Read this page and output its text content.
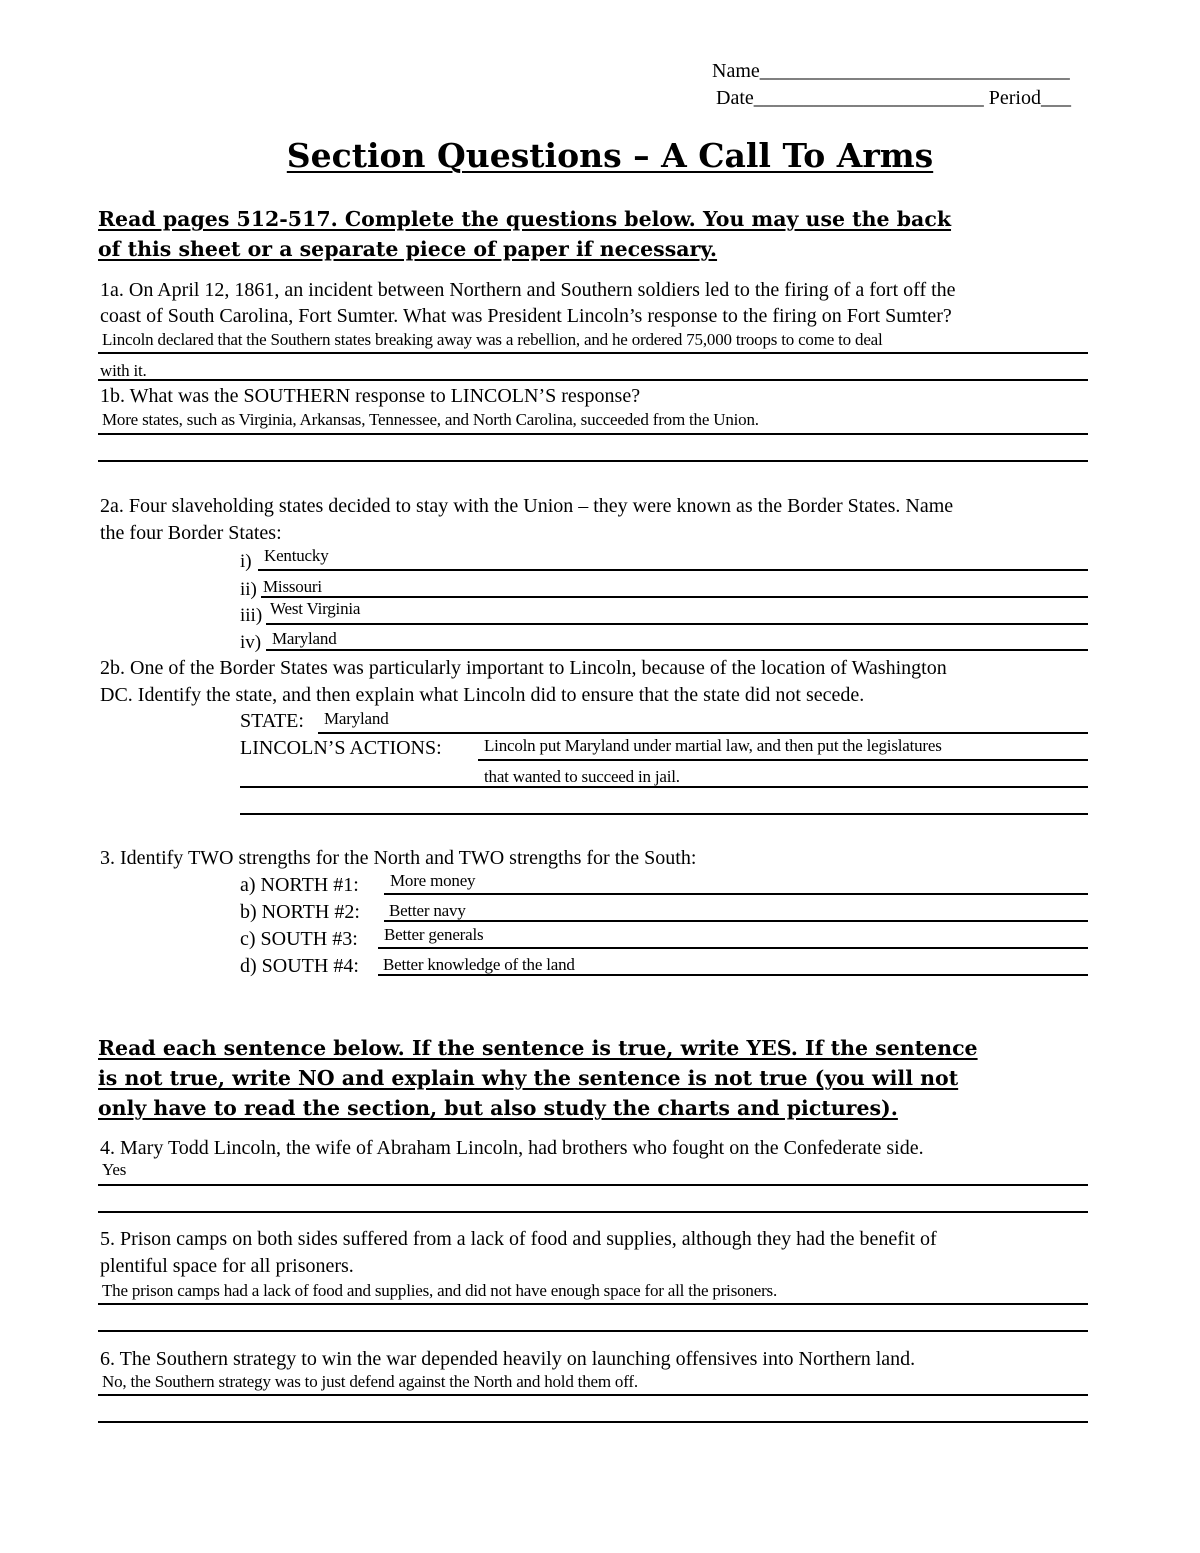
Name_______________________________
Date_______________________ Period___
Section Questions – A Call To Arms
Read pages 512-517. Complete the questions below. You may use the back
of this sheet or a separate piece of paper if necessary.
1a. On April 12, 1861, an incident between Northern and Southern soldiers led to the firing of a fort off the
coast of South Carolina, Fort Sumter. What was President Lincoln’s response to the firing on Fort Sumter?
Lincoln declared that the Southern states breaking away was a rebellion, and he ordered 75,000 troops to come to deal
with it.
1b. What was the SOUTHERN response to LINCOLN’S response?
More states, such as Virginia, Arkansas, Tennessee, and North Carolina, succeeded from the Union.
2a. Four slaveholding states decided to stay with the Union – they were known as the Border States. Name
the four Border States:
i) Kentucky
ii) Missouri
iii) West Virginia
iv) Maryland
2b. One of the Border States was particularly important to Lincoln, because of the location of Washington
DC. Identify the state, and then explain what Lincoln did to ensure that the state did not secede.
STATE: Maryland
LINCOLN’S ACTIONS: Lincoln put Maryland under martial law, and then put the legislatures
that wanted to succeed in jail.
3. Identify TWO strengths for the North and TWO strengths for the South:
a) NORTH #1: More money
b) NORTH #2: Better navy
c) SOUTH #3: Better generals
d) SOUTH #4: Better knowledge of the land
Read each sentence below. If the sentence is true, write YES. If the sentence
is not true, write NO and explain why the sentence is not true (you will not
only have to read the section, but also study the charts and pictures).
4. Mary Todd Lincoln, the wife of Abraham Lincoln, had brothers who fought on the Confederate side.
Yes
5. Prison camps on both sides suffered from a lack of food and supplies, although they had the benefit of
plentiful space for all prisoners.
The prison camps had a lack of food and supplies, and did not have enough space for all the prisoners.
6. The Southern strategy to win the war depended heavily on launching offensives into Northern land.
No, the Southern strategy was to just defend against the North and hold them off.
